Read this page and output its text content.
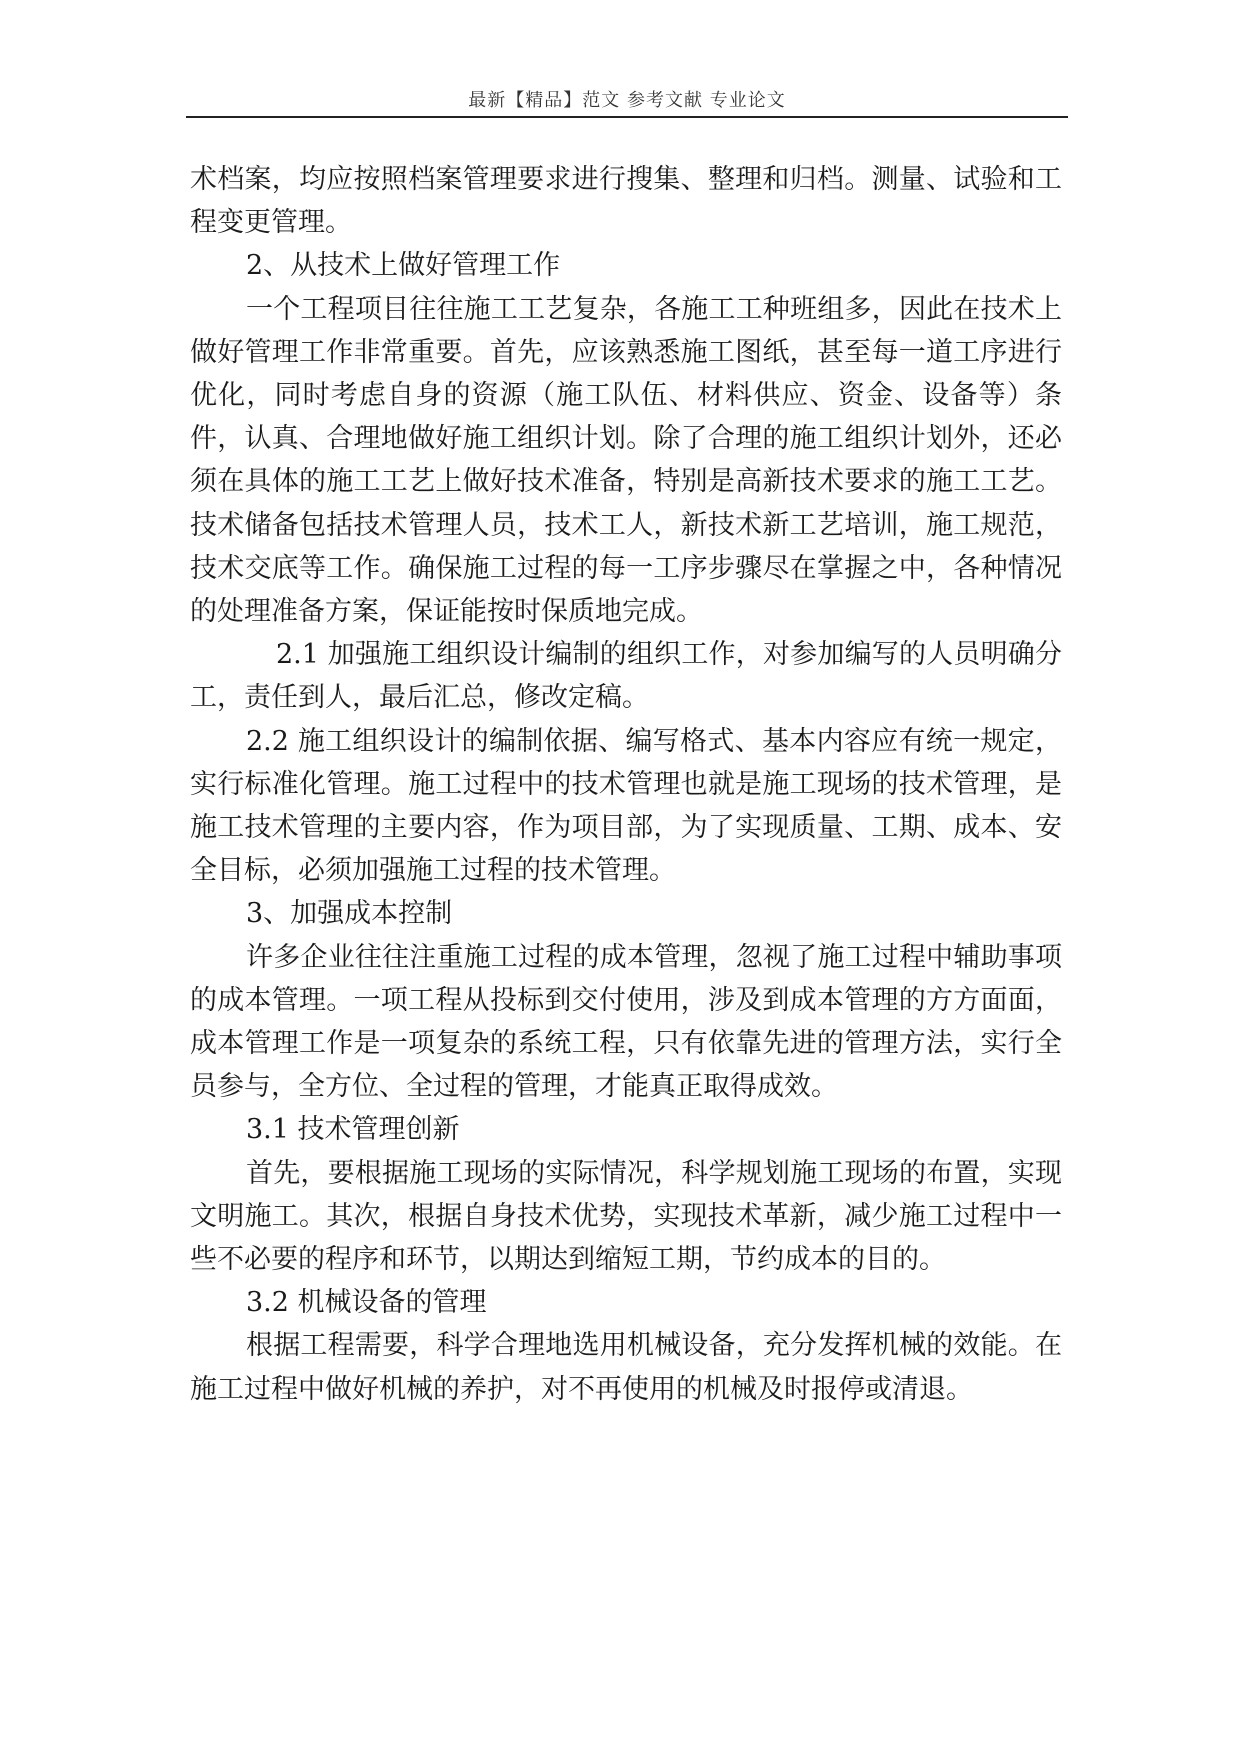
最新【精品】范文 参考文献 专业论文

术档案，均应按照档案管理要求进行搜集、整理和归档。测量、试验和工程变更管理。

2、从技术上做好管理工作

一个工程项目往往施工工艺复杂，各施工工种班组多，因此在技术上做好管理工作非常重要。首先，应该熟悉施工图纸，甚至每一道工序进行优化，同时考虑自身的资源（施工队伍、材料供应、资金、设备等）条件，认真、合理地做好施工组织计划。除了合理的施工组织计划外，还必须在具体的施工工艺上做好技术准备，特别是高新技术要求的施工工艺。技术储备包括技术管理人员，技术工人，新技术新工艺培训，施工规范，技术交底等工作。确保施工过程的每一工序步骤尽在掌握之中，各种情况的处理准备方案，保证能按时保质地完成。

2.1 加强施工组织设计编制的组织工作，对参加编写的人员明确分工，责任到人，最后汇总，修改定稿。

2.2 施工组织设计的编制依据、编写格式、基本内容应有统一规定，实行标准化管理。施工过程中的技术管理也就是施工现场的技术管理，是施工技术管理的主要内容，作为项目部，为了实现质量、工期、成本、安全目标，必须加强施工过程的技术管理。

3、加强成本控制

许多企业往往注重施工过程的成本管理，忽视了施工过程中辅助事项的成本管理。一项工程从投标到交付使用，涉及到成本管理的方方面面，成本管理工作是一项复杂的系统工程，只有依靠先进的管理方法，实行全员参与，全方位、全过程的管理，才能真正取得成效。

3.1 技术管理创新

首先，要根据施工现场的实际情况，科学规划施工现场的布置，实现文明施工。其次，根据自身技术优势，实现技术革新，减少施工过程中一些不必要的程序和环节，以期达到缩短工期，节约成本的目的。

3.2 机械设备的管理

根据工程需要，科学合理地选用机械设备，充分发挥机械的效能。在施工过程中做好机械的养护，对不再使用的机械及时报停或清退。
